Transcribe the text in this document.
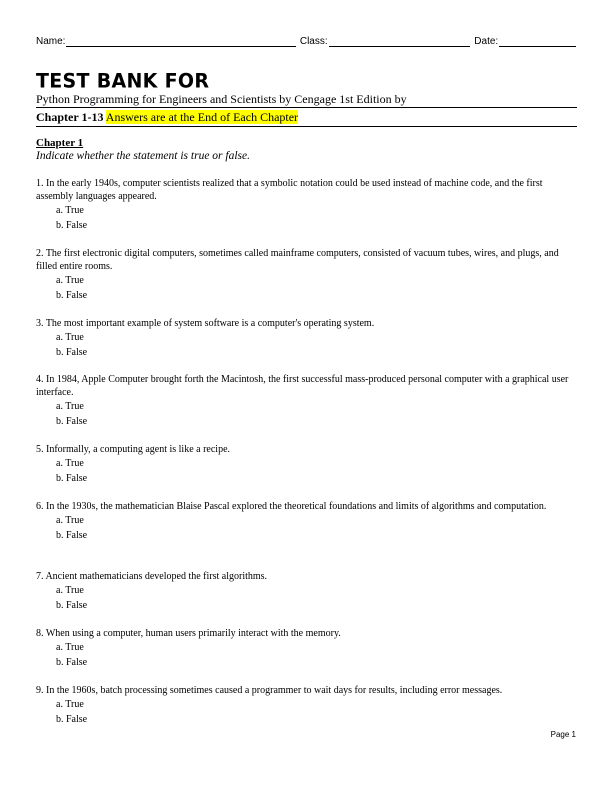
Name:	Class:	Date:
TEST BANK FOR
Python Programming for Engineers and Scientists by Cengage 1st Edition by
Chapter 1-13 Answers are at the End of Each Chapter
Chapter 1
Indicate whether the statement is true or false.

1. In the early 1940s, computer scientists realized that a symbolic notation could be used instead of machine code, and the first assembly languages appeared.

a. True
b. False

2. The first electronic digital computers, sometimes called mainframe computers, consisted of vacuum tubes, wires, and plugs, and filled entire rooms.

a. True
b. False

3. The most important example of system software is a computer's operating system.

a. True
b. False

4. In 1984, Apple Computer brought forth the Macintosh, the first successful mass-produced personal computer with a graphical user interface.

a. True
b. False

5. Informally, a computing agent is like a recipe.

a. True
b. False

6. In the 1930s, the mathematician Blaise Pascal explored the theoretical foundations and limits of algorithms and computation.

a. True
b. False

7. Ancient mathematicians developed the first algorithms.

a. True
b. False

8. When using a computer, human users primarily interact with the memory.

a. True
b. False

9. In the 1960s, batch processing sometimes caused a programmer to wait days for results, including error messages.

a. True
b. False
Page 1
